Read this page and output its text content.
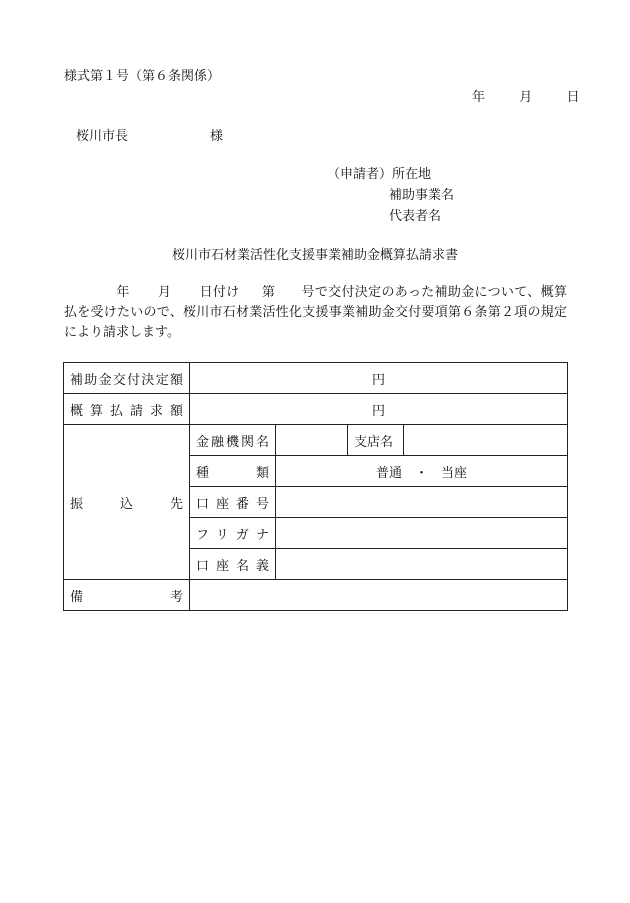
様式第１号（第６条関係）
年	月	日
桜川市長	様
（申請者）所在地
補助事業名
代表者名
桜川市石材業活性化支援事業補助金概算払請求書
年 月 日付け 第 号で交付決定のあった補助金について、概算払を受けたいので、桜川市石材業活性化支援事業補助金交付要項第６条第２項の規定により請求します。
補助金交付決定額	円			
概算払請求額	円			
振込先	金融機関名		支店名	
	種類	普通　・　当座		
	口座番号			
	フリガナ			
	口座名義			
備考				
